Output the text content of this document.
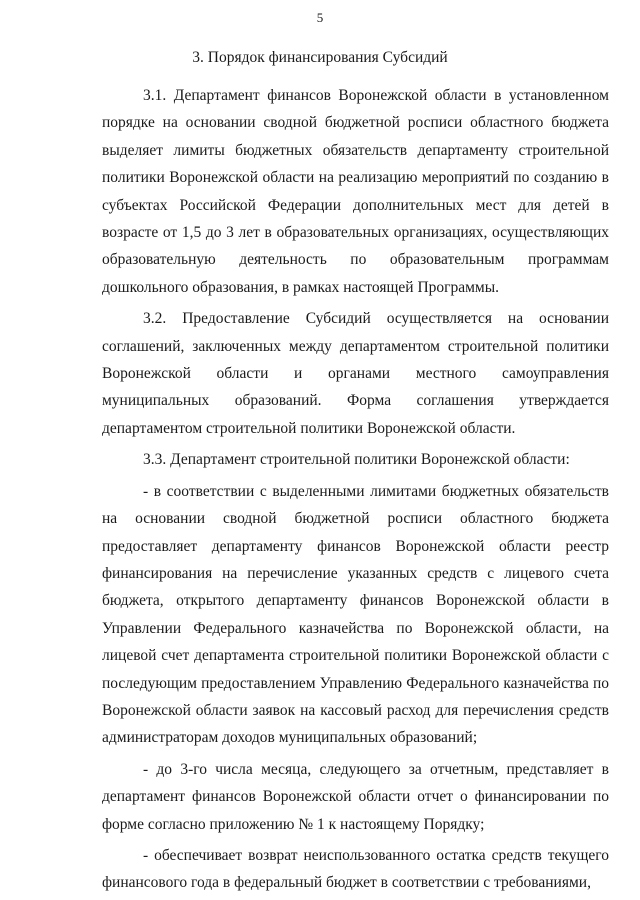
5
3. Порядок финансирования Субсидий

3.1. Департамент финансов Воронежской области в установленном порядке на основании сводной бюджетной росписи областного бюджета выделяет лимиты бюджетных обязательств департаменту строительной политики Воронежской области на реализацию мероприятий по созданию в субъектах Российской Федерации дополнительных мест для детей в возрасте от 1,5 до 3 лет в образовательных организациях, осуществляющих образовательную деятельность по образовательным программам дошкольного образования, в рамках настоящей Программы.

3.2. Предоставление Субсидий осуществляется на основании соглашений, заключенных между департаментом строительной политики Воронежской области и органами местного самоуправления муниципальных образований. Форма соглашения утверждается департаментом строительной политики Воронежской области.

3.3. Департамент строительной политики Воронежской области:

- в соответствии с выделенными лимитами бюджетных обязательств на основании сводной бюджетной росписи областного бюджета предоставляет департаменту финансов Воронежской области реестр финансирования на перечисление указанных средств с лицевого счета бюджета, открытого департаменту финансов Воронежской области в Управлении Федерального казначейства по Воронежской области, на лицевой счет департамента строительной политики Воронежской области с последующим предоставлением Управлению Федерального казначейства по Воронежской области заявок на кассовый расход для перечисления средств администраторам доходов муниципальных образований;

- до 3-го числа месяца, следующего за отчетным, представляет в департамент финансов Воронежской области отчет о финансировании по форме согласно приложению № 1 к настоящему Порядку;

- обеспечивает возврат неиспользованного остатка средств текущего финансового года в федеральный бюджет в соответствии с требованиями,
